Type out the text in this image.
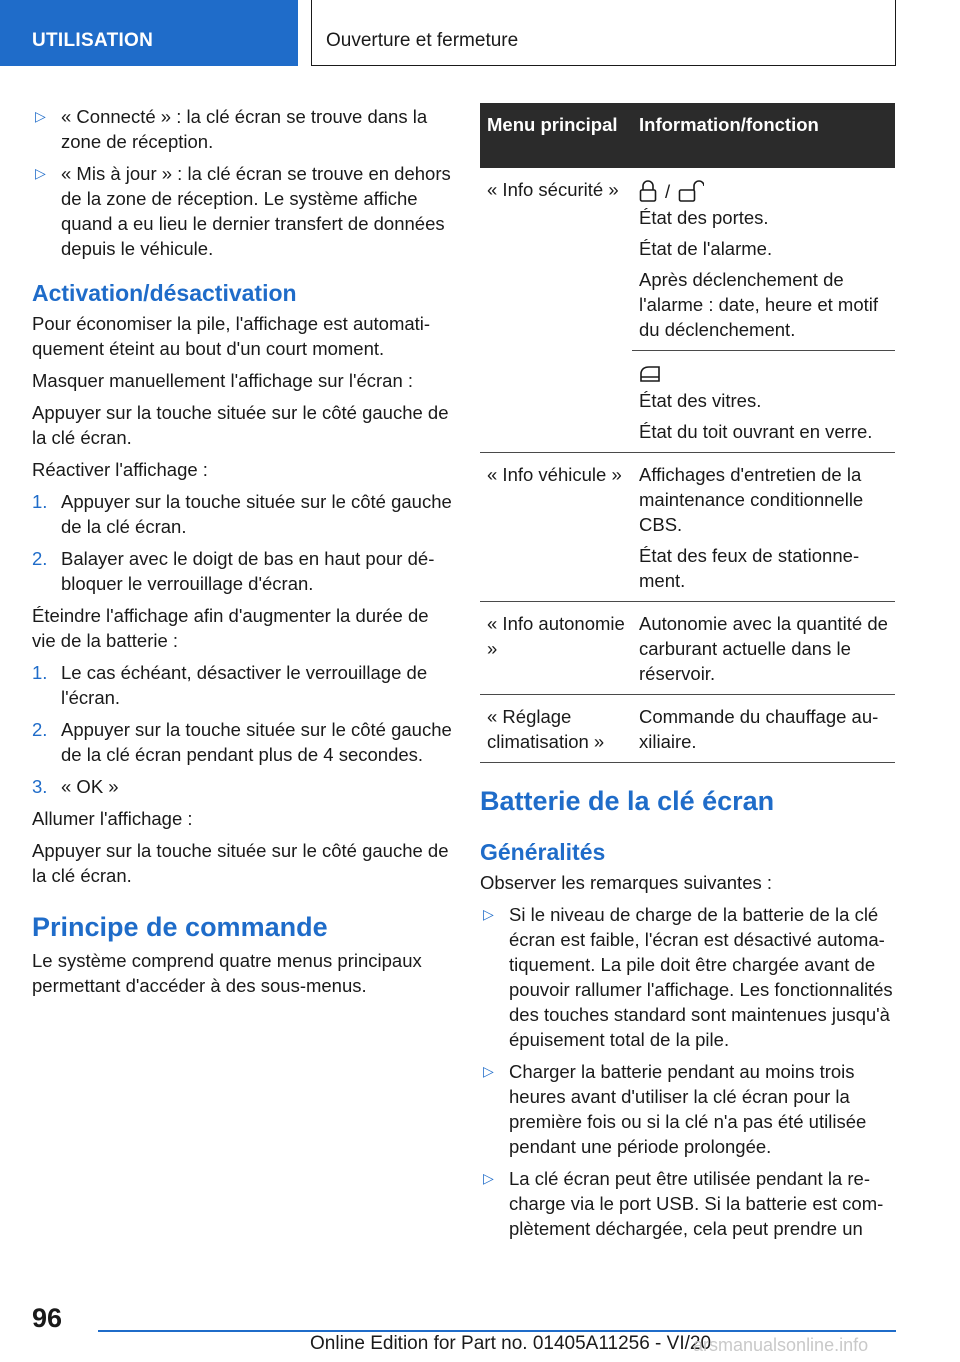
UTILISATION	Ouverture et fermeture
▷ « Connecté » : la clé écran se trouve dans la zone de réception.
▷ « Mis à jour » : la clé écran se trouve en dehors de la zone de réception. Le système affiche quand a eu lieu le dernier transfert de données depuis le véhicule.
Activation/désactivation

Pour économiser la pile, l'affichage est automatiquement éteint au bout d'un court moment.

Masquer manuellement l'affichage sur l'écran :

Appuyer sur la touche située sur le côté gauche de la clé écran.

Réactiver l'affichage :

1. Appuyer sur la touche située sur le côté gauche de la clé écran.
2. Balayer avec le doigt de bas en haut pour débloquer le verrouillage d'écran.

Éteindre l'affichage afin d'augmenter la durée de vie de la batterie :

1. Le cas échéant, désactiver le verrouillage de l'écran.
2. Appuyer sur la touche située sur le côté gauche de la clé écran pendant plus de 4 secondes.
3. « OK »

Allumer l'affichage :

Appuyer sur la touche située sur le côté gauche de la clé écran.

Principe de commande

Le système comprend quatre menus principaux permettant d'accéder à des sous-menus.

Menu principal	Information/fonction
« Info sécurité »	/

État des portes.

État de l'alarme.

Après déclenchement de l'alarme : date, heure et motif du déclenchement.

	État des vitres.

État du toit ouvrant en verre.

« Info véhicule »	Affichages d'entretien de la maintenance conditionnelle CBS.

État des feux de stationnement.

« Info autonomie »	Autonomie avec la quantité de carburant actuelle dans le réservoir.

« Réglage climatisation »	Commande du chauffage auxiliaire.

Batterie de la clé écran
Généralités

Observer les remarques suivantes :

▷ Si le niveau de charge de la batterie de la clé écran est faible, l'écran est désactivé automatiquement. La pile doit être chargée avant de pouvoir rallumer l'affichage. Les fonctionnalités des touches standard sont maintenues jusqu'à épuisement total de la pile.
▷ Charger la batterie pendant au moins trois heures avant d'utiliser la clé écran pour la première fois ou si la clé n'a pas été utilisée pendant une période prolongée.
▷ La clé écran peut être utilisée pendant la recharge via le port USB. Si la batterie est complètement déchargée, cela peut prendre un
96
Online Edition for Part no. 01405A11256 - VI/20
arsmanualsonline.info
